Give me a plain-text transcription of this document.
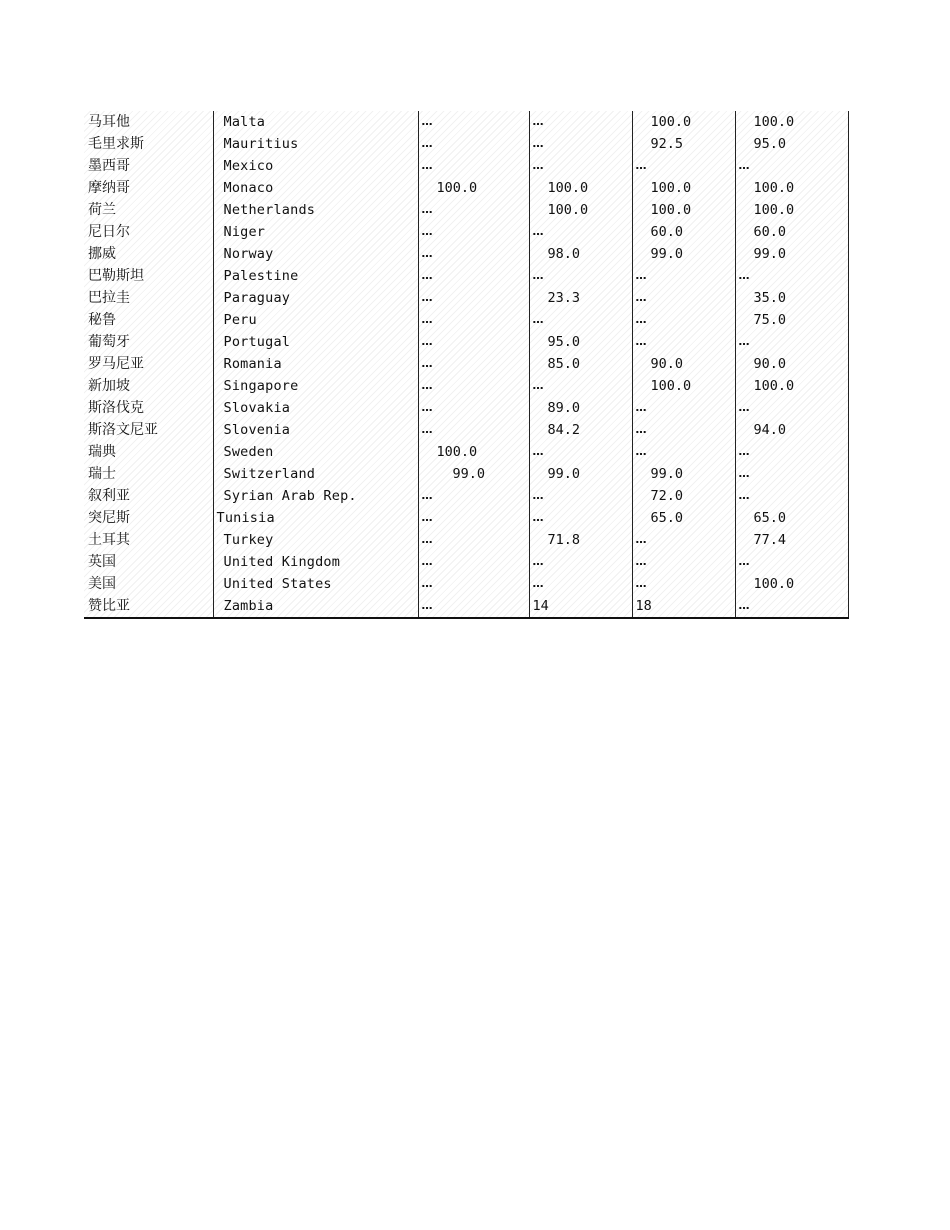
马耳他	Malta	…	…	100.0	100.0
毛里求斯	Mauritius	…	…	92.5	95.0
墨西哥	Mexico	…	…	…	…
摩纳哥	Monaco	100.0	100.0	100.0	100.0
荷兰	Netherlands	…	100.0	100.0	100.0
尼日尔	Niger	…	…	60.0	60.0
挪威	Norway	…	98.0	99.0	99.0
巴勒斯坦	Palestine	…	…	…	…
巴拉圭	Paraguay	…	23.3	…	35.0
秘鲁	Peru	…	…	…	75.0
葡萄牙	Portugal	…	95.0	…	…
罗马尼亚	Romania	…	85.0	90.0	90.0
新加坡	Singapore	…	…	100.0	100.0
斯洛伐克	Slovakia	…	89.0	…	…
斯洛文尼亚	Slovenia	…	84.2	…	94.0
瑞典	Sweden	100.0	…	…	…
瑞士	Switzerland	99.0	99.0	99.0	…
叙利亚	Syrian Arab Rep.	…	…	72.0	…
突尼斯	Tunisia	…	…	65.0	65.0
土耳其	Turkey	…	71.8	…	77.4
英国	United Kingdom	…	…	…	…
美国	United States	…	…	…	100.0
赞比亚	Zambia	…	14	18	…
